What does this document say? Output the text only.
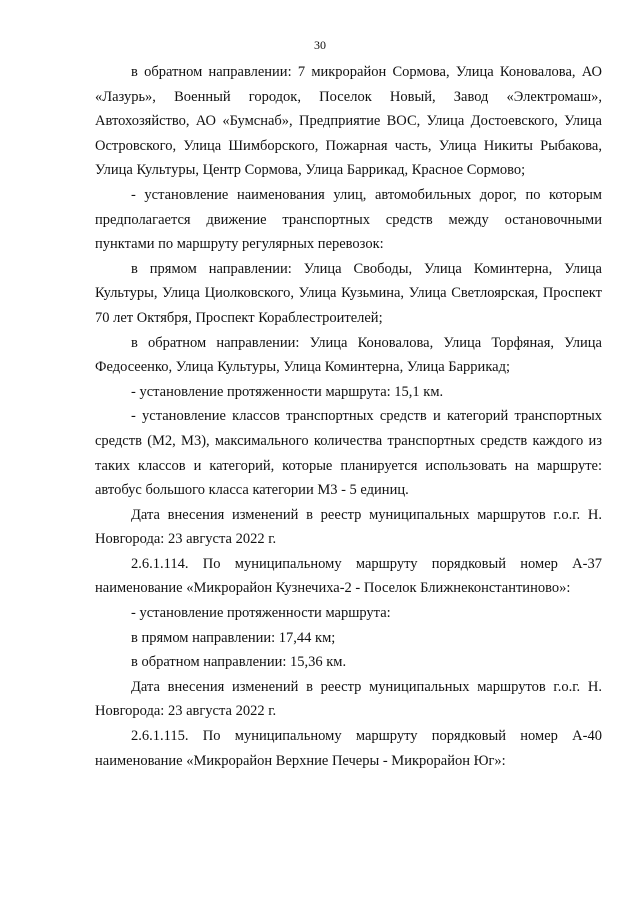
30

в обратном направлении: 7 микрорайон Сормова, Улица Коновалова, АО «Лазурь», Военный городок, Поселок Новый, Завод «Электромаш», Автохозяйство, АО «Бумснаб», Предприятие ВОС, Улица Достоевского, Улица Островского, Улица Шимборского, Пожарная часть, Улица Никиты Рыбакова, Улица Культуры, Центр Сормова, Улица Баррикад, Красное Сормово;

- установление наименования улиц, автомобильных дорог, по которым предполагается движение транспортных средств между остановочными пунктами по маршруту регулярных перевозок:

в прямом направлении: Улица Свободы, Улица Коминтерна, Улица Культуры, Улица Циолковского, Улица Кузьмина, Улица Светлоярская, Проспект 70 лет Октября, Проспект Кораблестроителей;

в обратном направлении: Улица Коновалова, Улица Торфяная, Улица Федосеенко, Улица Культуры, Улица Коминтерна, Улица Баррикад;

- установление протяженности маршрута: 15,1 км.

- установление классов транспортных средств и категорий транспортных средств (М2, М3), максимального количества транспортных средств каждого из таких классов и категорий, которые планируется использовать на маршруте: автобус большого класса категории М3 - 5 единиц.

Дата внесения изменений в реестр муниципальных маршрутов г.о.г. Н. Новгорода: 23 августа 2022 г.

2.6.1.114. По муниципальному маршруту порядковый номер А-37 наименование «Микрорайон Кузнечиха-2 - Поселок Ближнеконстантиново»:

- установление протяженности маршрута:

в прямом направлении: 17,44 км;

в обратном направлении: 15,36 км.

Дата внесения изменений в реестр муниципальных маршрутов г.о.г. Н. Новгорода: 23 августа 2022 г.

2.6.1.115. По муниципальному маршруту порядковый номер А-40 наименование «Микрорайон Верхние Печеры - Микрорайон Юг»:
